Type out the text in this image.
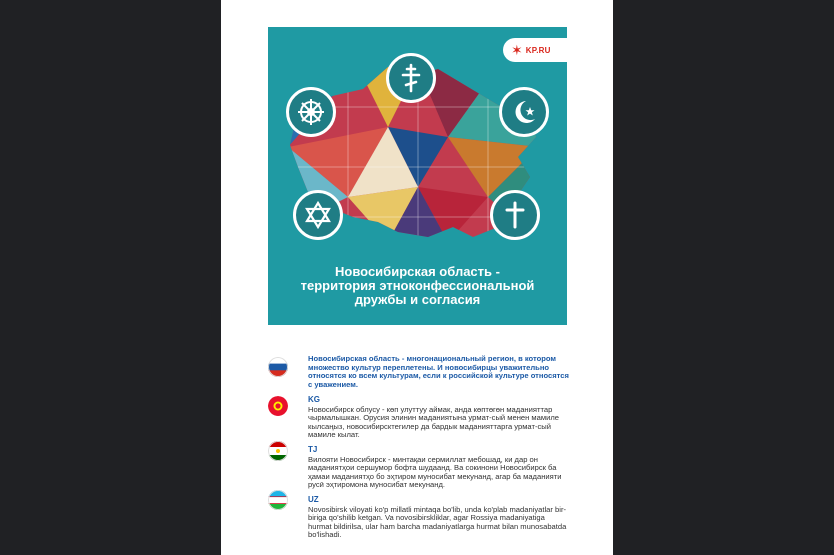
✶ KP.RU
Новосибирская область -
территория этноконфессиональной
дружбы и согласия
Новосибирская область - многонациональный регион, в котором множество культур переплетены. И новосибирцы уважительно относятся ко всем культурам, если к российской культуре относятся с уважением.
KG
Новосибирск облусу - көп улуттуу аймак, анда көптөгөн маданияттар чырмалышкан. Орусия элинин маданиятына урмат-сый менен мамиле кылсаңыз, новосибирсктегилер да бардык маданияттарга урмат-сый мамиле кылат.
TJ
Вилояти Новосибирск - минтақаи сермиллат мебошад, ки дар он маданиятҳои сершумор бофта шудаанд. Ва сокинони Новосибирск ба ҳамаи маданиятҳо бо эҳтиром муносибат мекунанд, агар ба маданияти русӣ эҳтиромона муносибат мекунанд.
UZ
Novosibirsk viloyati ko'p millatli mintaqa bo'lib, unda ko'plab madaniyatlar bir-biriga qo'shilib ketgan. Va novosibirskliklar, agar Rossiya madaniyatiga hurmat bildirilsa, ular ham barcha madaniyatlarga hurmat bilan munosabatda bo'lishadi.
